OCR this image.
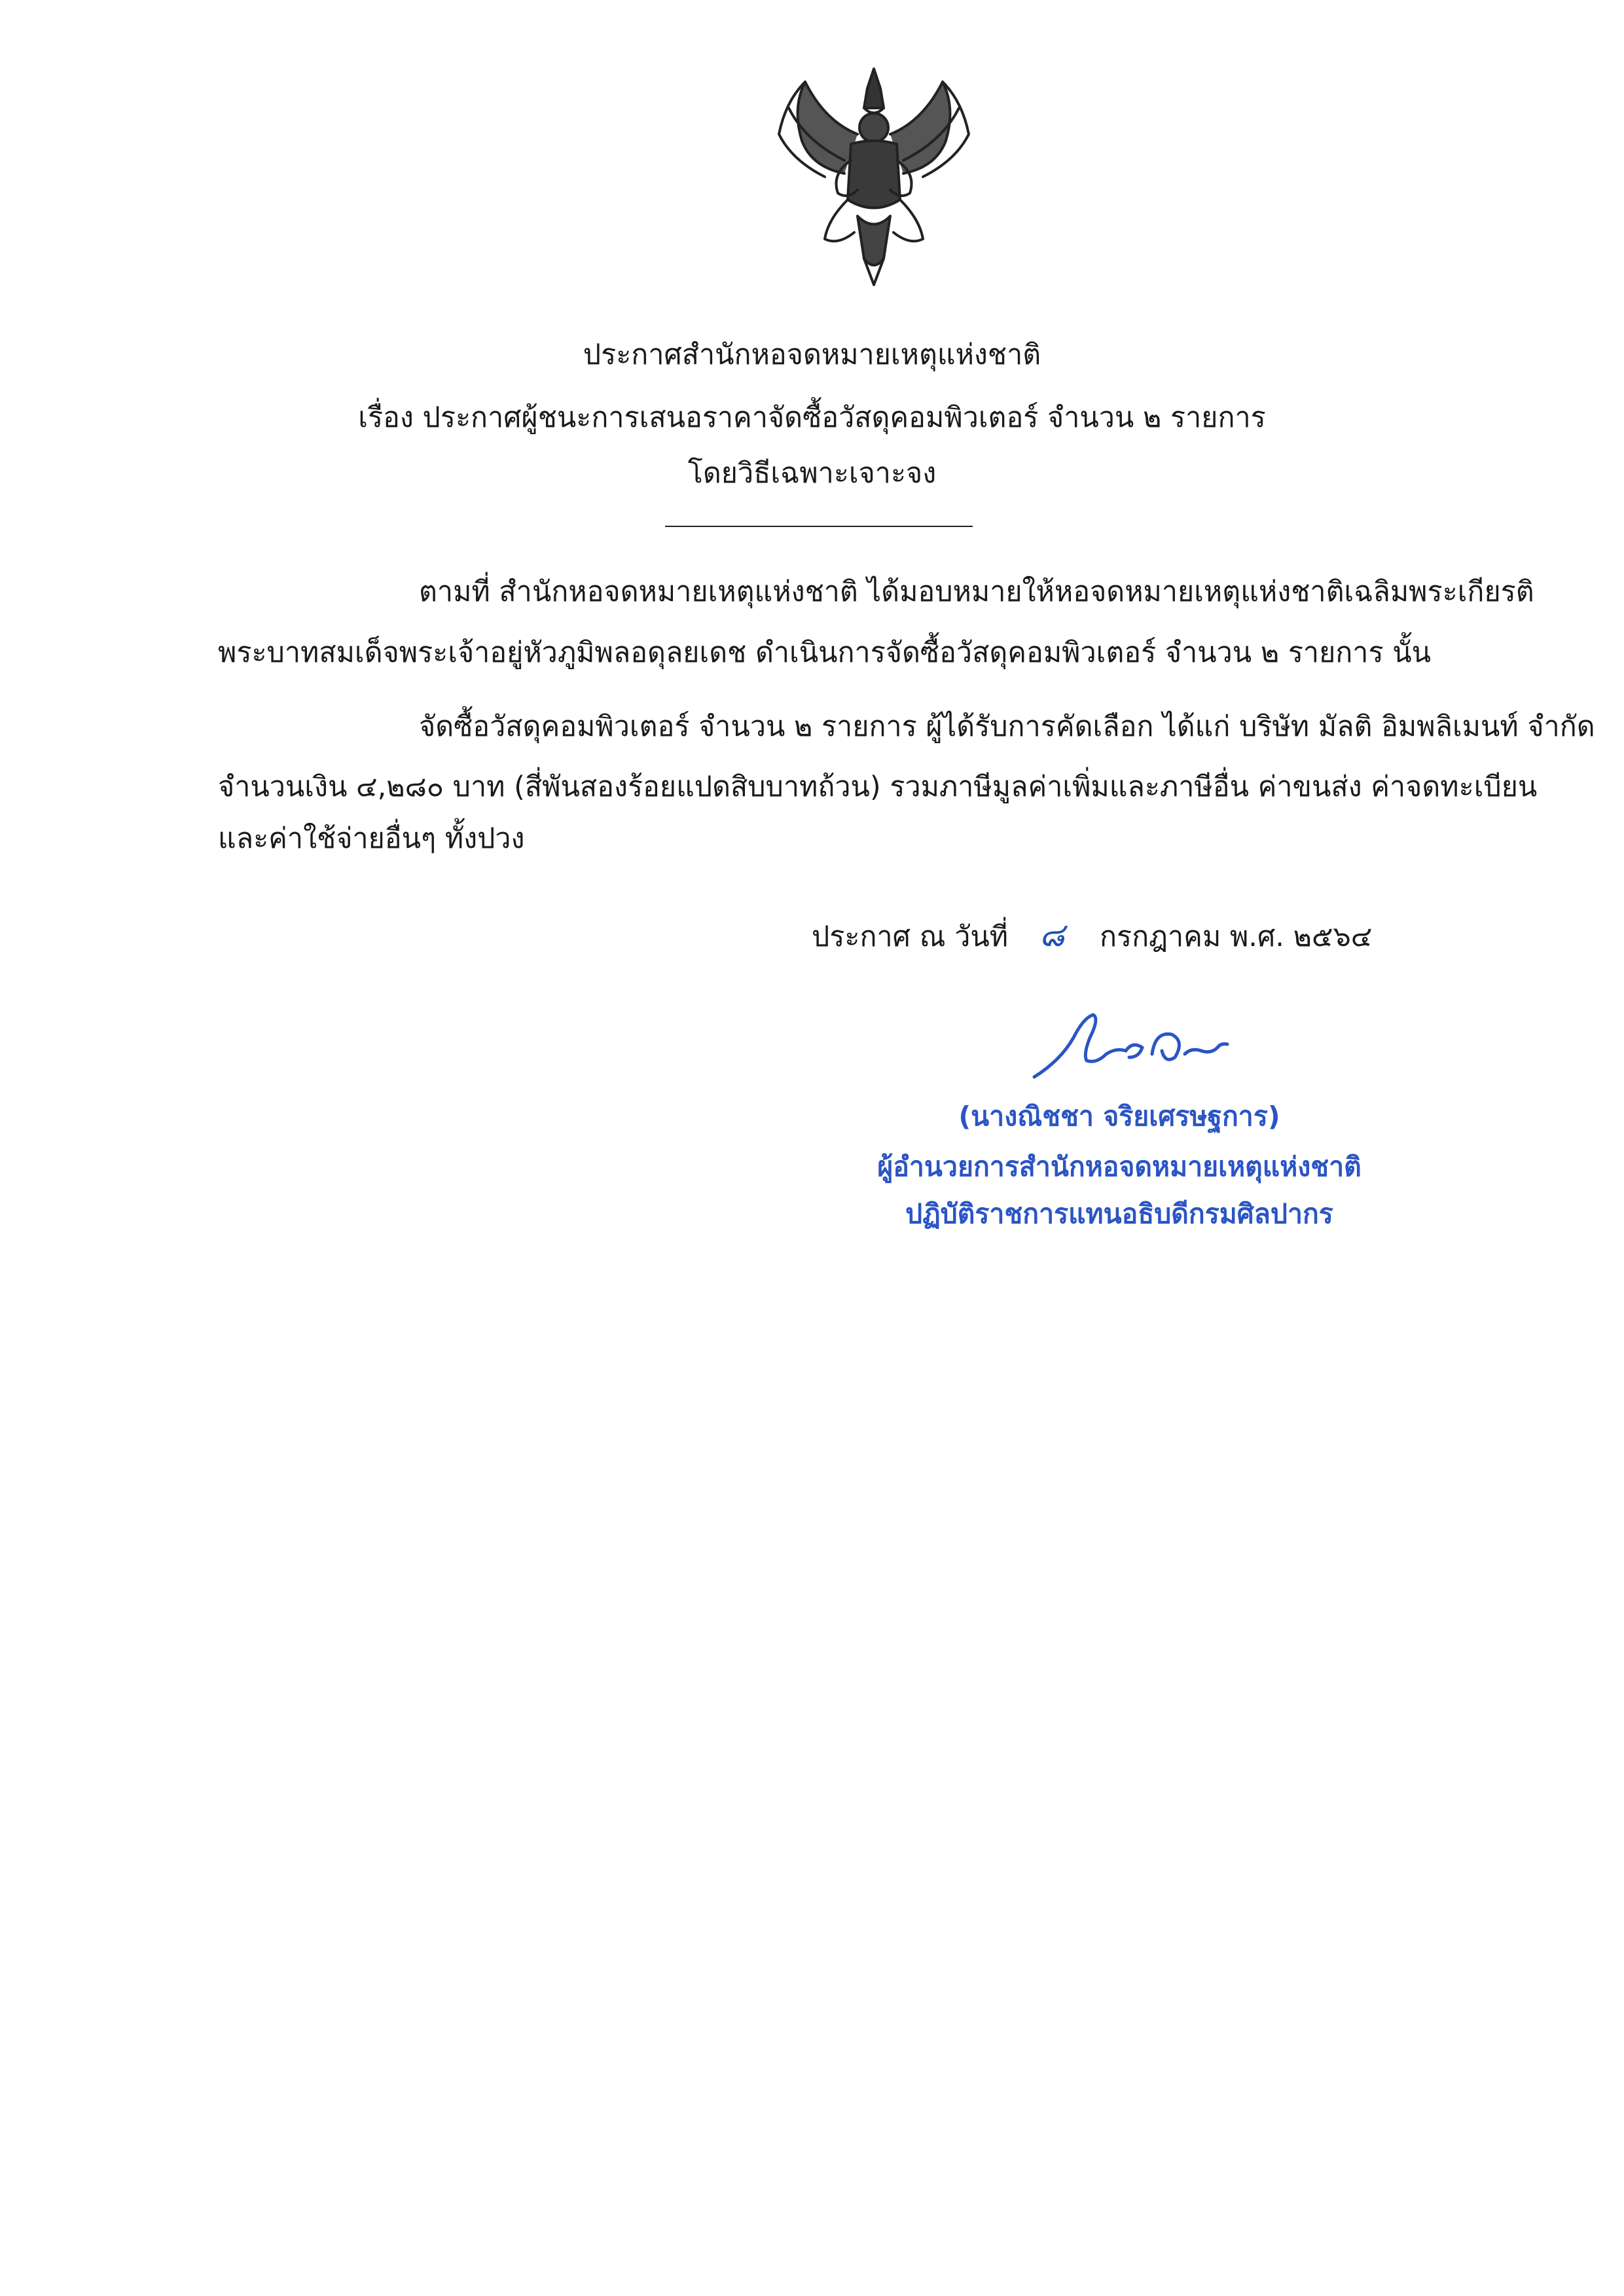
ประกาศสำนักหอจดหมายเหตุแห่งชาติ
เรื่อง ประกาศผู้ชนะการเสนอราคาจัดซื้อวัสดุคอมพิวเตอร์ จำนวน ๒ รายการ
โดยวิธีเฉพาะเจาะจง
ตามที่ สำนักหอจดหมายเหตุแห่งชาติ ได้มอบหมายให้หอจดหมายเหตุแห่งชาติเฉลิมพระเกียรติ
พระบาทสมเด็จพระเจ้าอยู่หัวภูมิพลอดุลยเดช ดำเนินการจัดซื้อวัสดุคอมพิวเตอร์ จำนวน ๒ รายการ นั้น
จัดซื้อวัสดุคอมพิวเตอร์ จำนวน ๒ รายการ ผู้ได้รับการคัดเลือก ได้แก่ บริษัท มัลติ อิมพลิเมนท์ จำกัด
จำนวนเงิน ๔,๒๘๐ บาท (สี่พันสองร้อยแปดสิบบาทถ้วน) รวมภาษีมูลค่าเพิ่มและภาษีอื่น ค่าขนส่ง ค่าจดทะเบียน
และค่าใช้จ่ายอื่นๆ ทั้งปวง
ประกาศ ณ วันที่ ๘ กรกฎาคม พ.ศ. ๒๕๖๔
(นางณิชชา จริยเศรษฐการ)
ผู้อำนวยการสำนักหอจดหมายเหตุแห่งชาติ
ปฏิบัติราชการแทนอธิบดีกรมศิลปากร
